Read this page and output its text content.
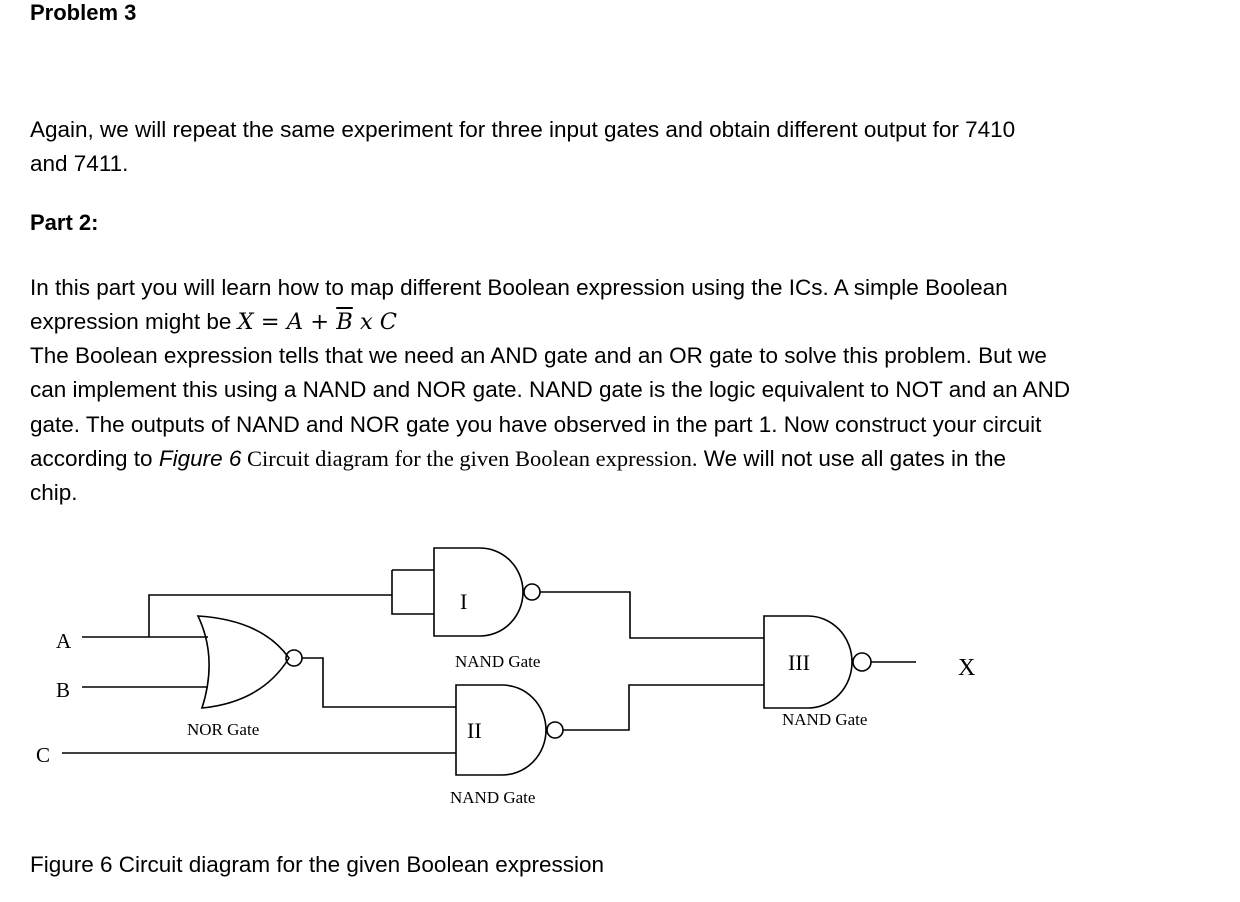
Problem 3
Again, we will repeat the same experiment for three input gates and obtain different output for 7410
and 7411.
Part 2:
In this part you will learn how to map different Boolean expression using the ICs. A simple Boolean
expression might be $X = A + \overline{B}$ x C
The Boolean expression tells that we need an AND gate and an OR gate to solve this problem. But we
can implement this using a NAND and NOR gate. NAND gate is the logic equivalent to NOT and an AND
gate. The outputs of NAND and NOR gate you have observed in the part 1. Now construct your circuit
according to Figure 6 Circuit diagram for the given Boolean expression. We will not use all gates in the
chip.
A
B
C
X
I
II
III
NAND Gate
NAND Gate
NAND Gate
NOR Gate
Figure 6 Circuit diagram for the given Boolean expression
